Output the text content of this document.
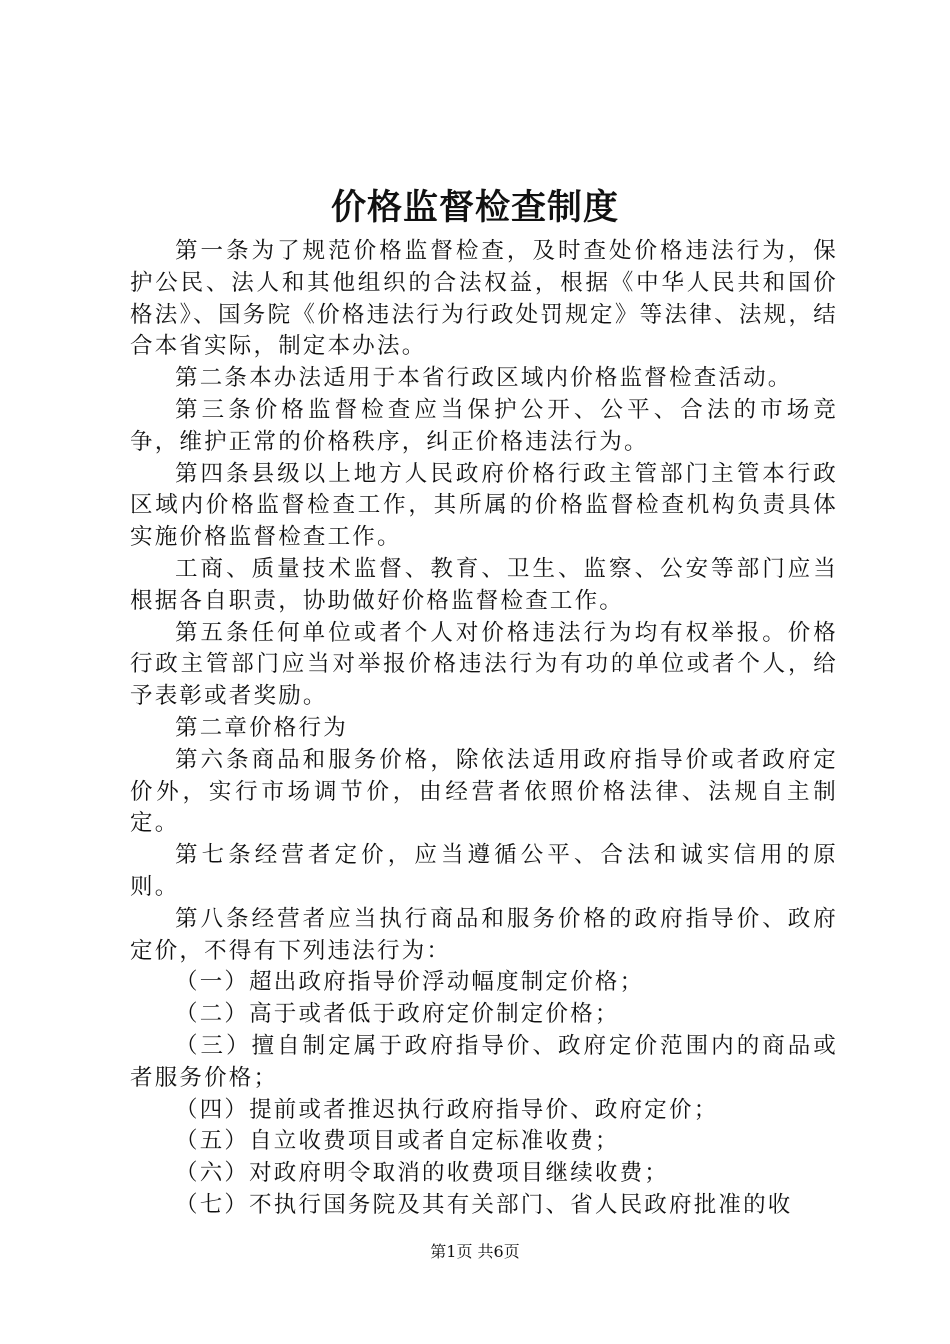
价格监督检查制度

第一条为了规范价格监督检查，及时查处价格违法行为，保护公民、法人和其他组织的合法权益，根据《中华人民共和国价格法》、国务院《价格违法行为行政处罚规定》等法律、法规，结合本省实际，制定本办法。

第二条本办法适用于本省行政区域内价格监督检查活动。

第三条价格监督检查应当保护公开、公平、合法的市场竞争，维护正常的价格秩序，纠正价格违法行为。

第四条县级以上地方人民政府价格行政主管部门主管本行政区域内价格监督检查工作，其所属的价格监督检查机构负责具体实施价格监督检查工作。

工商、质量技术监督、教育、卫生、监察、公安等部门应当根据各自职责，协助做好价格监督检查工作。

第五条任何单位或者个人对价格违法行为均有权举报。价格行政主管部门应当对举报价格违法行为有功的单位或者个人，给予表彰或者奖励。

第二章价格行为

第六条商品和服务价格，除依法适用政府指导价或者政府定价外，实行市场调节价，由经营者依照价格法律、法规自主制定。

第七条经营者定价，应当遵循公平、合法和诚实信用的原则。

第八条经营者应当执行商品和服务价格的政府指导价、政府定价，不得有下列违法行为：

（一）超出政府指导价浮动幅度制定价格；

（二）高于或者低于政府定价制定价格；

（三）擅自制定属于政府指导价、政府定价范围内的商品或者服务价格；

（四）提前或者推迟执行政府指导价、政府定价；

（五）自立收费项目或者自定标准收费；

（六）对政府明令取消的收费项目继续收费；

（七）不执行国务院及其有关部门、省人民政府批准的收

第1页 共6页
